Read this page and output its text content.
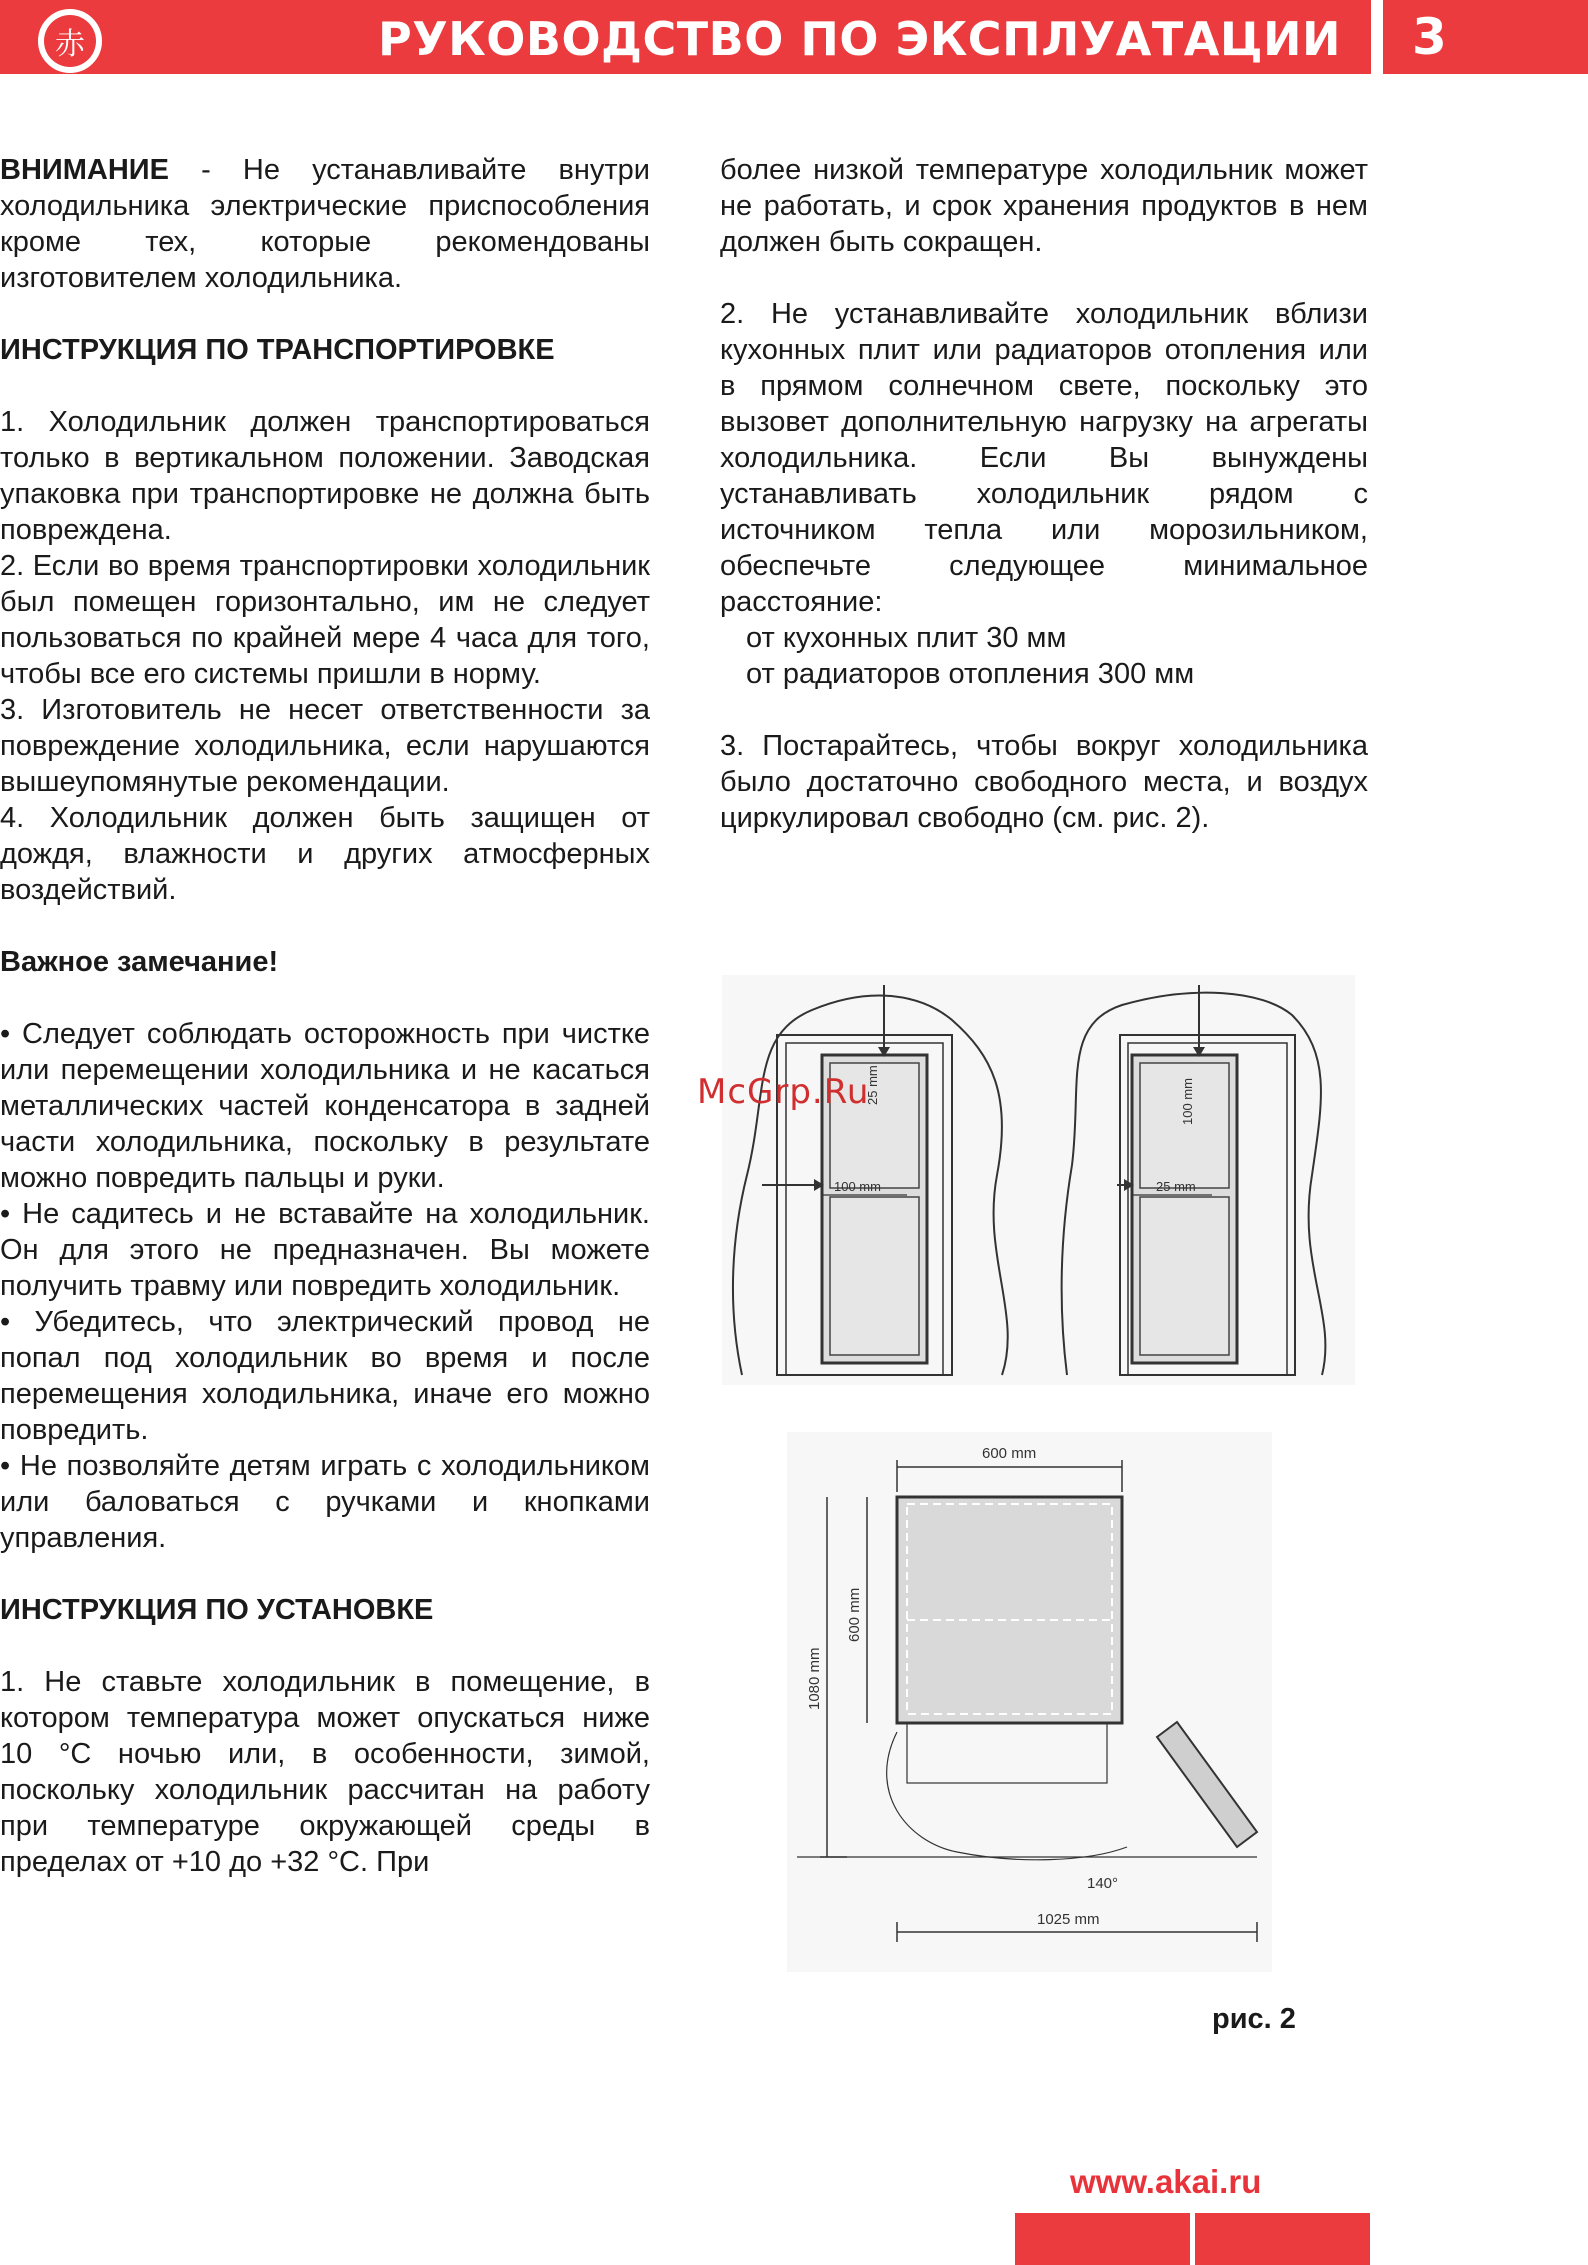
赤	РУКОВОДСТВО ПО ЭКСПЛУАТАЦИИ 3

ВНИМАНИЕ - Не устанавливайте внутри холодильника электрические приспособления кроме тех, которые рекомендованы изготовителем холодильника.

ИНСТРУКЦИЯ ПО ТРАНСПОРТИРОВКЕ

1. Холодильник должен транспортироваться только в вертикальном положении. Заводская упаковка при транспортировке не должна быть повреждена.

2. Если во время транспортировки холодильник был помещен горизонтально, им не следует пользоваться по крайней мере 4 часа для того, чтобы все его системы пришли в норму.

3. Изготовитель не несет ответственности за повреждение холодильника, если нарушаются вышеупомянутые рекомендации.

4. Холодильник должен быть защищен от дождя, влажности и других атмосферных воздействий.

Важное замечание!

• Следует соблюдать осторожность при чистке или перемещении холодильника и не касаться металлических частей конденсатора в задней части холодильника, поскольку в результате можно повредить пальцы и руки.

• Не садитесь и не вставайте на холодильник. Он для этого не предназначен. Вы можете получить травму или повредить холодильник.

• Убедитесь, что электрический провод не попал под холодильник во время и после перемещения холодильника, иначе его можно повредить.

• Не позволяйте детям играть с холодильником или баловаться с ручками и кнопками управления.

ИНСТРУКЦИЯ ПО УСТАНОВКЕ

1. Не ставьте холодильник в помещение, в котором температура может опускаться ниже 10 °С ночью или, в особенности, зимой, поскольку холодильник рассчитан на работу при температуре окружающей среды в пределах от +10 до +32 °С. При

более низкой температуре холодильник может не работать, и срок хранения продуктов в нем должен быть сокращен.

2. Не устанавливайте холодильник вблизи кухонных плит или радиаторов отопления или в прямом солнечном свете, поскольку это вызовет дополнительную нагрузку на агрегаты холодильника. Если Вы вынуждены устанавливать холодильник рядом с источником тепла или морозильником, обеспечьте следующее минимальное расстояние:

от кухонных плит 30 мм

от радиаторов отопления 300 мм

3. Постарайтесь, чтобы вокруг холодильника было достаточно свободного места, и воздух циркулировал свободно (см. рис. 2).

25 mm
100 mm
100 mm
25 mm
600 mm
1080 mm
600 mm
140°
1025 mm
McGrp.Ru
рис. 2
www.akai.ru
